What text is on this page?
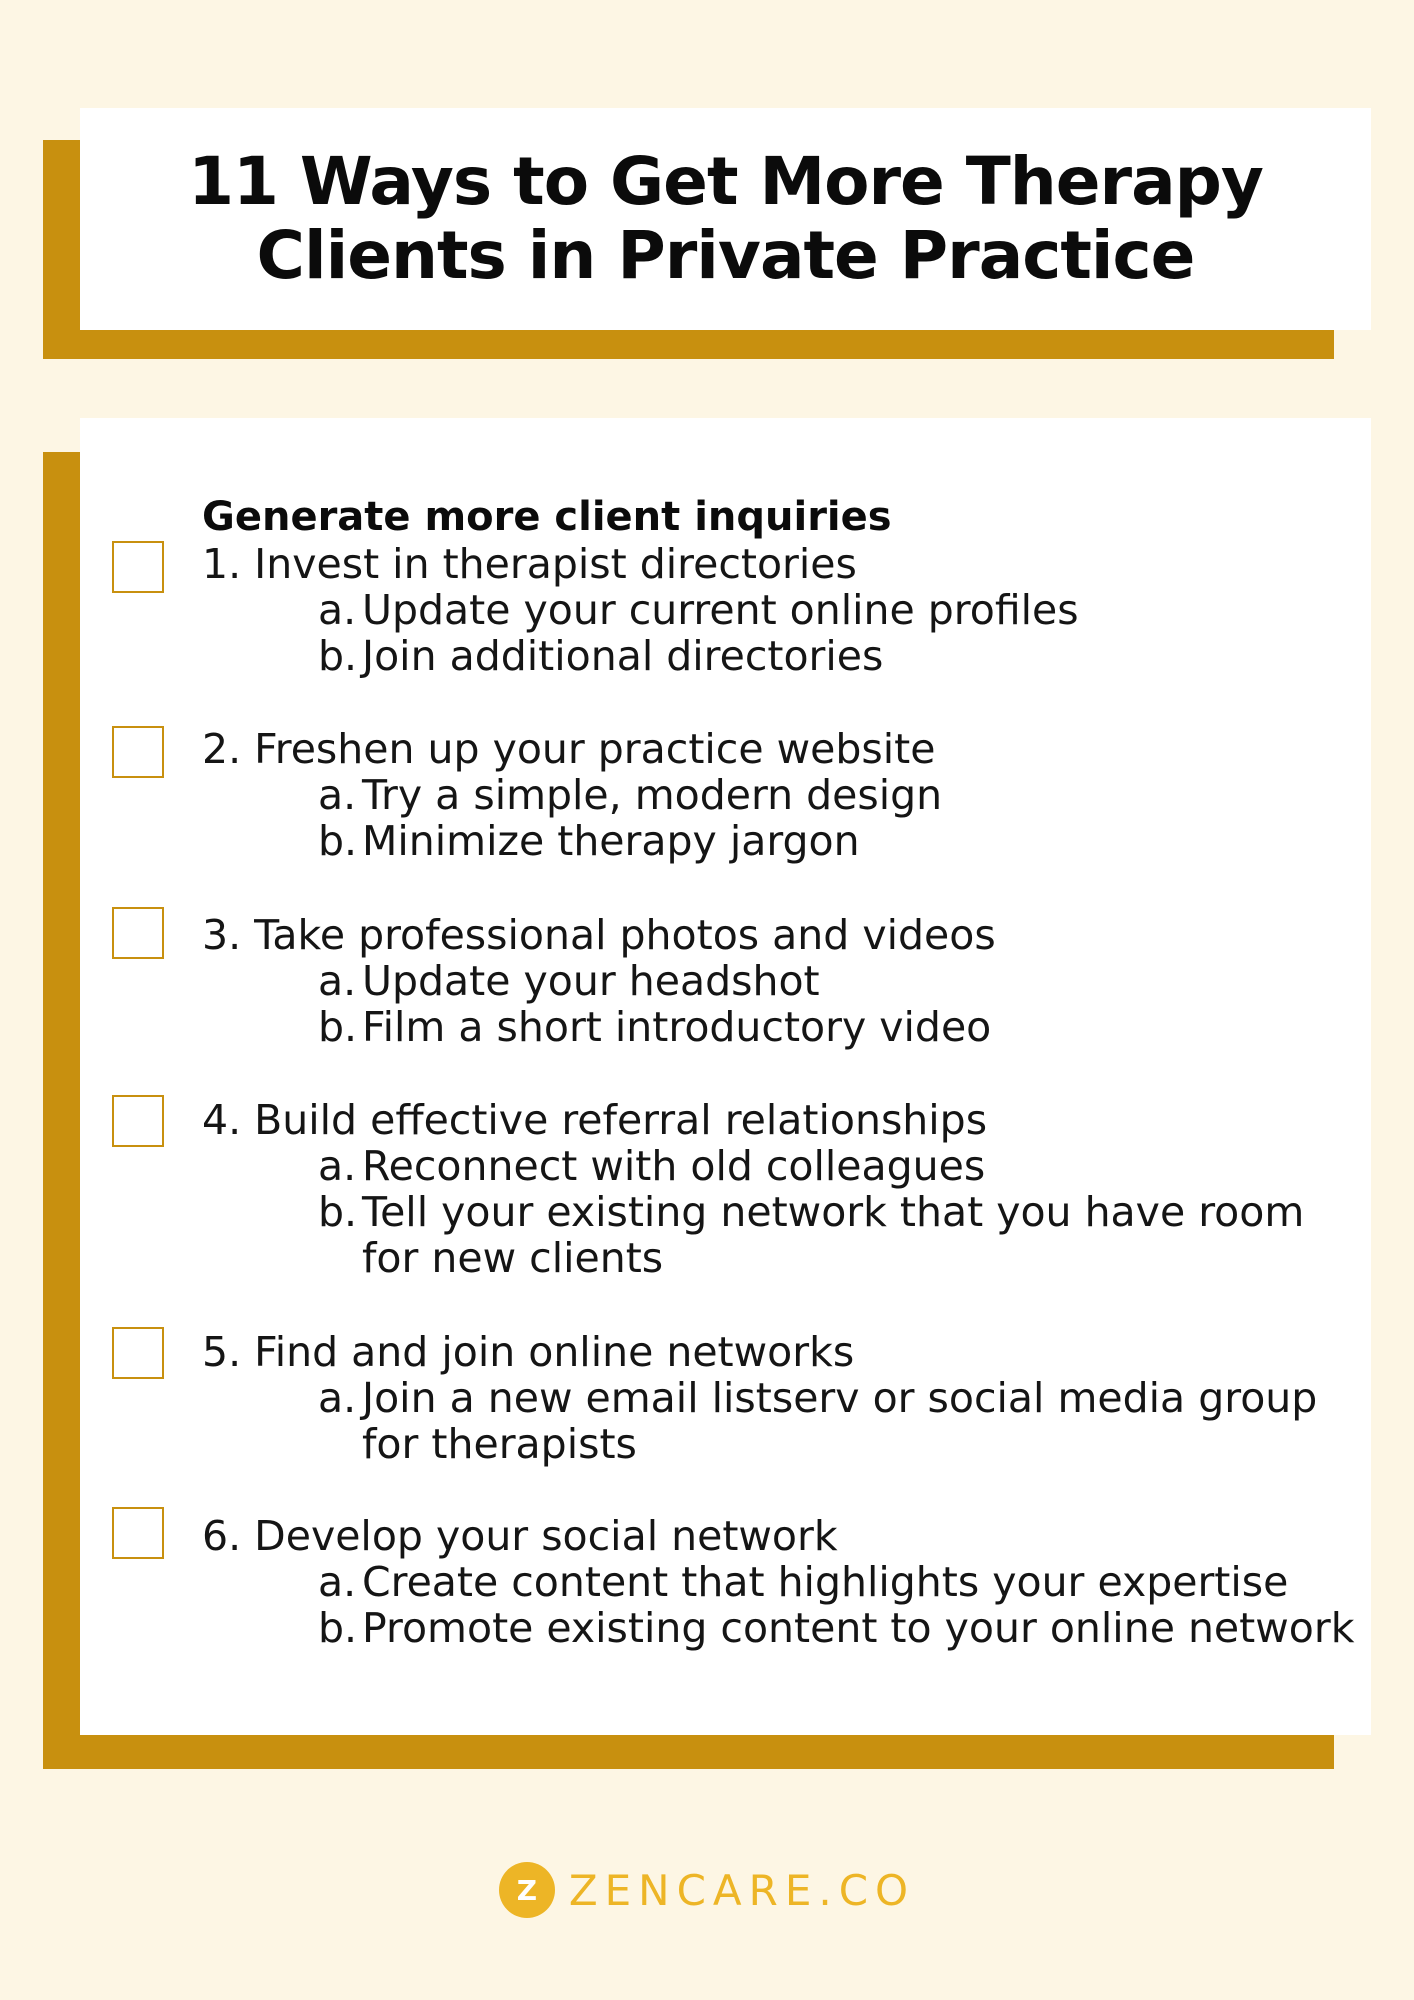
11 Ways to Get More Therapy
Clients in Private Practice
Generate more client inquiries
1. Invest in therapist directories
a. Update your current online profiles
b. Join additional directories
2. Freshen up your practice website
a. Try a simple, modern design
b. Minimize therapy jargon
3. Take professional photos and videos
a. Update your headshot
b. Film a short introductory video
4. Build effective referral relationships
a. Reconnect with old colleagues
b. Tell your existing network that you have room for new clients
5. Find and join online networks
a. Join a new email listserv or social media group for therapists
6. Develop your social network
a. Create content that highlights your expertise
b. Promote existing content to your online network
Z ZENCARE.CO
